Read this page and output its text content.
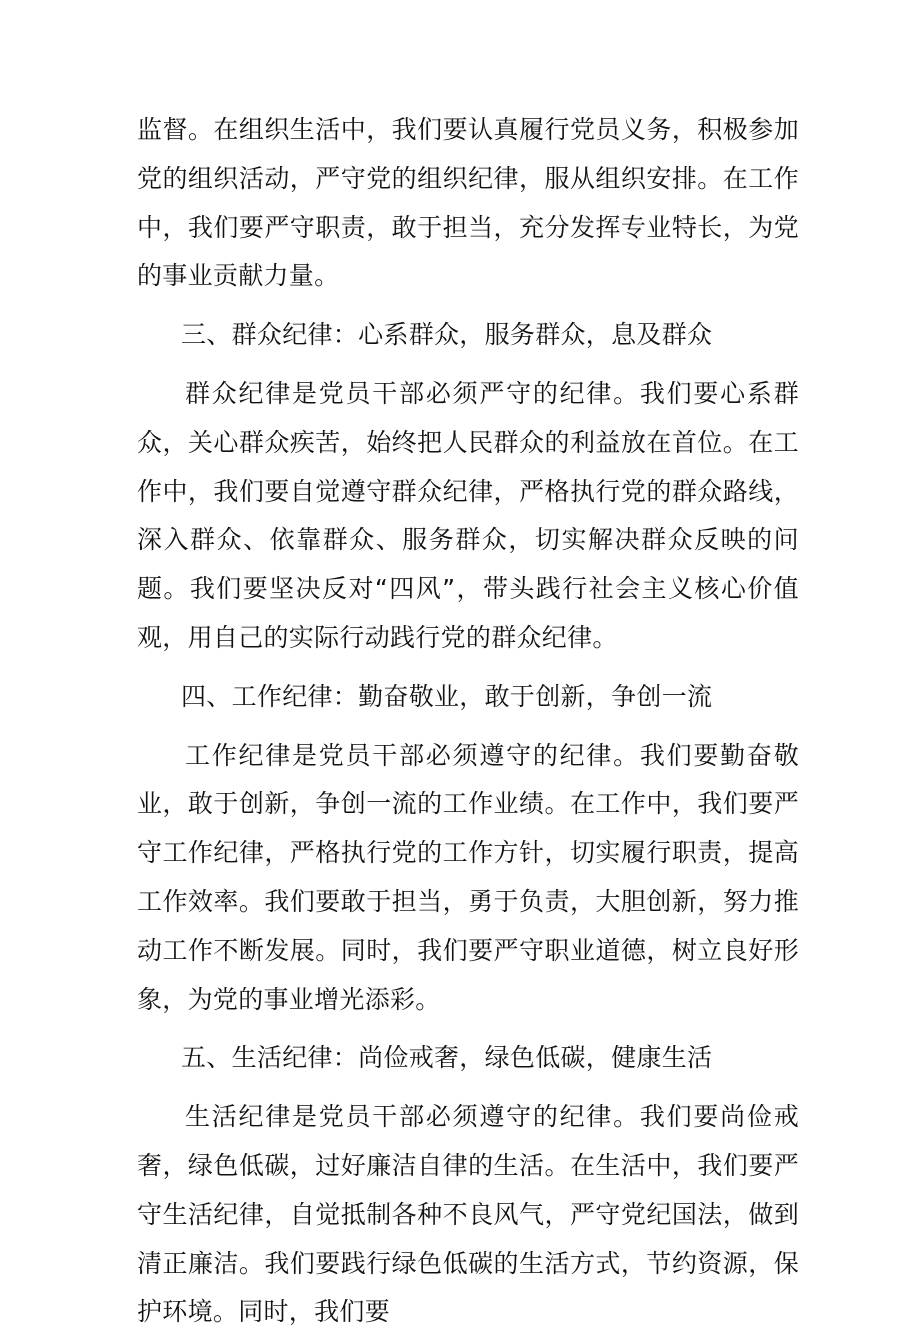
监督。在组织生活中，我们要认真履行党员义务，积极参加党的组织活动，严守党的组织纪律，服从组织安排。在工作中，我们要严守职责，敢于担当，充分发挥专业特长，为党的事业贡献力量。

三、群众纪律：心系群众，服务群众，息及群众

群众纪律是党员干部必须严守的纪律。我们要心系群众，关心群众疾苦，始终把人民群众的利益放在首位。在工作中，我们要自觉遵守群众纪律，严格执行党的群众路线，深入群众、依靠群众、服务群众，切实解决群众反映的问题。我们要坚决反对“四风”，带头践行社会主义核心价值观，用自己的实际行动践行党的群众纪律。

四、工作纪律：勤奋敬业，敢于创新，争创一流

工作纪律是党员干部必须遵守的纪律。我们要勤奋敬业，敢于创新，争创一流的工作业绩。在工作中，我们要严守工作纪律，严格执行党的工作方针，切实履行职责，提高工作效率。我们要敢于担当，勇于负责，大胆创新，努力推动工作不断发展。同时，我们要严守职业道德，树立良好形象，为党的事业增光添彩。

五、生活纪律：尚俭戒奢，绿色低碳，健康生活

生活纪律是党员干部必须遵守的纪律。我们要尚俭戒奢，绿色低碳，过好廉洁自律的生活。在生活中，我们要严守生活纪律，自觉抵制各种不良风气，严守党纪国法，做到清正廉洁。我们要践行绿色低碳的生活方式，节约资源，保护环境。同时，我们要
